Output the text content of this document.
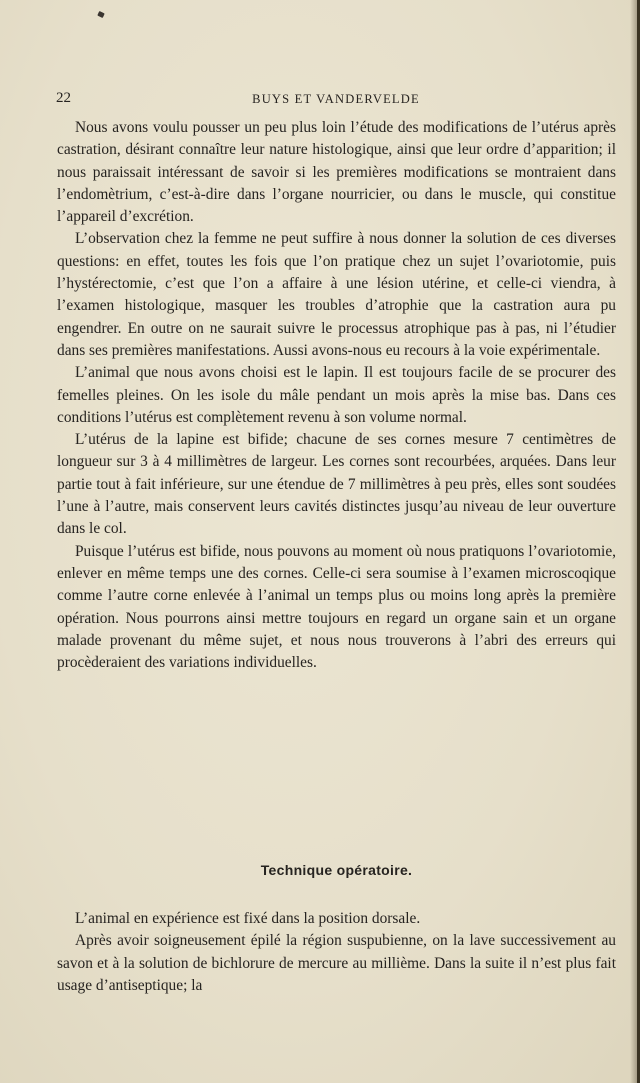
22	BUYS ET VANDERVELDE

Nous avons voulu pousser un peu plus loin l’étude des modifications de l’utérus après castration, désirant connaître leur nature histologique, ainsi que leur ordre d’apparition; il nous paraissait intéressant de savoir si les premières modifications se montraient dans l’endomètrium, c’est-à-dire dans l’organe nourricier, ou dans le muscle, qui constitue l’appareil d’excrétion.

L’observation chez la femme ne peut suffire à nous donner la solution de ces diverses questions: en effet, toutes les fois que l’on pratique chez un sujet l’ovariotomie, puis l’hystérectomie, c’est que l’on a affaire à une lésion utérine, et celle-ci viendra, à l’examen histologique, masquer les troubles d’atrophie que la castration aura pu engendrer. En outre on ne saurait suivre le processus atrophique pas à pas, ni l’étudier dans ses premières manifestations. Aussi avons-nous eu recours à la voie expérimentale.

L’animal que nous avons choisi est le lapin. Il est toujours facile de se procurer des femelles pleines. On les isole du mâle pendant un mois après la mise bas. Dans ces conditions l’utérus est complètement revenu à son volume normal.

L’utérus de la lapine est bifide; chacune de ses cornes mesure 7 centimètres de longueur sur 3 à 4 millimètres de largeur. Les cornes sont recourbées, arquées. Dans leur partie tout à fait inférieure, sur une étendue de 7 millimètres à peu près, elles sont soudées l’une à l’autre, mais conservent leurs cavités distinctes jusqu’au niveau de leur ouverture dans le col.

Puisque l’utérus est bifide, nous pouvons au moment où nous pratiquons l’ovariotomie, enlever en même temps une des cornes. Celle-ci sera soumise à l’examen microscoqique comme l’autre corne enlevée à l’animal un temps plus ou moins long après la première opération. Nous pourrons ainsi mettre toujours en regard un organe sain et un organe malade provenant du même sujet, et nous nous trouverons à l’abri des erreurs qui procèderaient des variations individuelles.

Technique opératoire.

L’animal en expérience est fixé dans la position dorsale.

Après avoir soigneusement épilé la région suspubienne, on la lave successivement au savon et à la solution de bichlorure de mercure au millième. Dans la suite il n’est plus fait usage d’antiseptique; la
